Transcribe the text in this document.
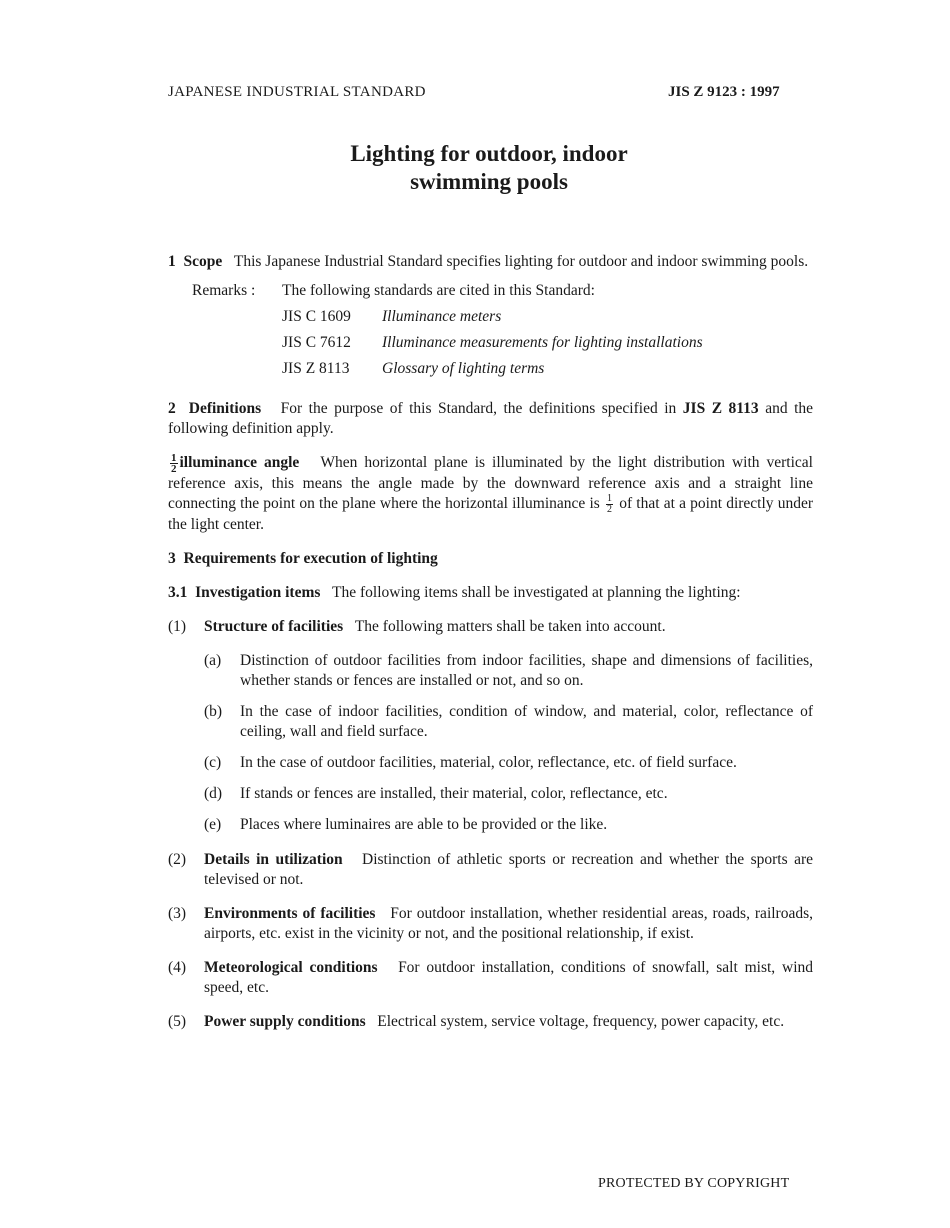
JAPANESE INDUSTRIAL STANDARD	JIS Z 9123 : 1997
Lighting for outdoor, indoor
swimming pools

1 Scope This Japanese Industrial Standard specifies lighting for outdoor and indoor swimming pools.

Remarks :	The following standards are cited in this Standard:
JIS C 1609	Illuminance meters
JIS C 7612	Illuminance measurements for lighting installations
JIS Z 8113	Glossary of lighting terms

2 Definitions For the purpose of this Standard, the definitions specified in JIS Z 8113 and the following definition apply.

$\frac{1}{2}$ illuminance angle When horizontal plane is illuminated by the light distribution with vertical reference axis, this means the angle made by the downward reference axis and a straight line connecting the point on the plane where the horizontal illuminance is $\frac{1}{2}$ of that at a point directly under the light center.

3 Requirements for execution of lighting

3.1 Investigation items The following items shall be investigated at planning the lighting:

(1)	Structure of facilities The following matters shall be taken into account.
(a)	Distinction of outdoor facilities from indoor facilities, shape and dimensions of facilities, whether stands or fences are installed or not, and so on.
(b)	In the case of indoor facilities, condition of window, and material, color, reflectance of ceiling, wall and field surface.
(c)	In the case of outdoor facilities, material, color, reflectance, etc. of field surface.
(d)	If stands or fences are installed, their material, color, reflectance, etc.
(e)	Places where luminaires are able to be provided or the like.
(2)	Details in utilization Distinction of athletic sports or recreation and whether the sports are televised or not.
(3)	Environments of facilities For outdoor installation, whether residential areas, roads, railroads, airports, etc. exist in the vicinity or not, and the positional relationship, if exist.
(4)	Meteorological conditions For outdoor installation, conditions of snowfall, salt mist, wind speed, etc.
(5)	Power supply conditions Electrical system, service voltage, frequency, power capacity, etc.
PROTECTED BY COPYRIGHT
